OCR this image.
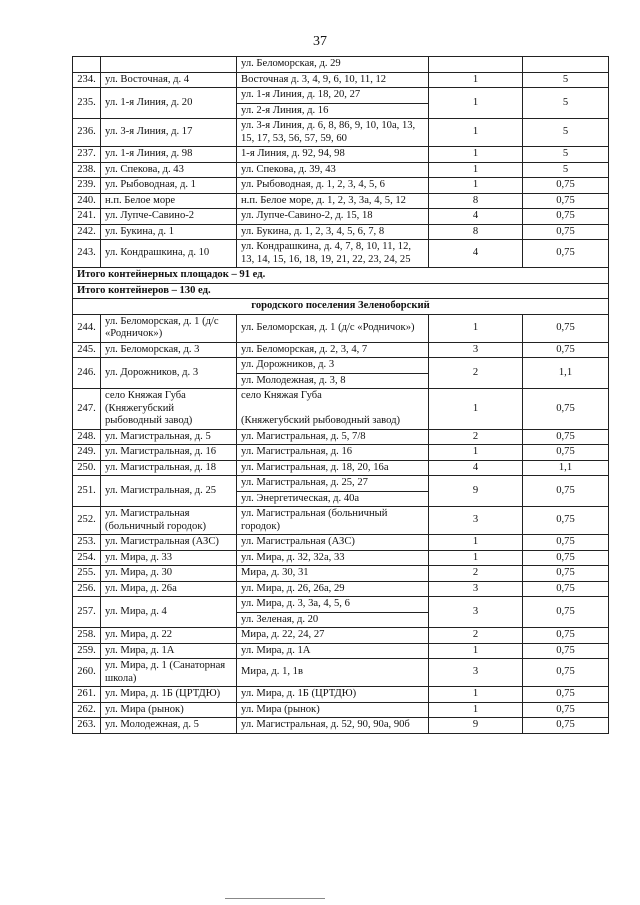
37
		ул. Беломорская, д. 29		
234.	ул. Восточная, д. 4	Восточная д. 3, 4, 9, 6, 10, 11, 12	1	5
235.	ул. 1-я Линия, д. 20	ул. 1-я Линия, д. 18, 20, 27	1	5
		ул. 2-я Линия, д. 16		
236.	ул. 3-я Линия, д. 17	ул. 3-я Линия, д. 6, 8, 86, 9, 10, 10а, 13, 15, 17, 53, 56, 57, 59, 60	1	5
237.	ул. 1-я Линия, д. 98	1-я Линия, д. 92, 94, 98	1	5
238.	ул. Спекова, д. 43	ул. Спекова, д. 39, 43	1	5
239.	ул. Рыбоводная, д. 1	ул. Рыбоводная, д. 1, 2, 3, 4, 5, 6	1	0,75
240.	н.п. Белое море	н.п. Белое море, д. 1, 2, 3, 3а, 4, 5, 12	8	0,75
241.	ул. Лупче-Савино-2	ул. Лупче-Савино-2, д. 15, 18	4	0,75
242.	ул. Букина, д. 1	ул. Букина, д. 1, 2, 3, 4, 5, 6, 7, 8	8	0,75
243.	ул. Кондрашкина, д. 10	ул. Кондрашкина, д. 4, 7, 8, 10, 11, 12, 13, 14, 15, 16, 18, 19, 21, 22, 23, 24, 25	4	0,75
Итого контейнерных площадок – 91 ед.				
Итого контейнеров – 130 ед.				
городского поселения Зеленоборский				
244.	ул. Беломорская, д. 1 (д/с «Родничок»)	ул. Беломорская, д. 1 (д/с «Родничок»)	1	0,75
245.	ул. Беломорская, д. 3	ул. Беломорская, д. 2, 3, 4, 7	3	0,75
246.	ул. Дорожников, д. 3	ул. Дорожников, д. 3	2	1,1
		ул. Молодежная, д. 3, 8		
247.	село Княжая Губа (Княжегубский рыбоводный завод)	село Княжая Губа

(Княжегубский рыбоводный завод)	1	0,75
248.	ул. Магистральная, д. 5	ул. Магистральная, д. 5, 7/8	2	0,75
249.	ул. Магистральная, д. 16	ул. Магистральная, д. 16	1	0,75
250.	ул. Магистральная, д. 18	ул. Магистральная, д. 18, 20, 16а	4	1,1
251.	ул. Магистральная, д. 25	ул. Магистральная, д. 25, 27	9	0,75
		ул. Энергетическая, д. 40а		
252.	ул. Магистральная (больничный городок)	ул. Магистральная (больничный городок)	3	0,75
253.	ул. Магистральная (АЗС)	ул. Магистральная (АЗС)	1	0,75
254.	ул. Мира, д. 33	ул. Мира, д. 32, 32а, 33	1	0,75
255.	ул. Мира, д. 30	Мира, д. 30, 31	2	0,75
256.	ул. Мира, д. 26а	ул. Мира, д. 26, 26а, 29	3	0,75
257.	ул. Мира, д. 4	ул. Мира, д. 3, 3а, 4, 5, 6	3	0,75
		ул. Зеленая, д. 20		
258.	ул. Мира, д. 22	Мира, д. 22, 24, 27	2	0,75
259.	ул. Мира, д. 1А	ул. Мира, д. 1А	1	0,75
260.	ул. Мира, д. 1 (Санаторная школа)	Мира, д. 1, 1в	3	0,75
261.	ул. Мира, д. 1Б (ЦРТДЮ)	ул. Мира, д. 1Б (ЦРТДЮ)	1	0,75
262.	ул. Мира (рынок)	ул. Мира (рынок)	1	0,75
263.	ул. Молодежная, д. 5	ул. Магистральная, д. 52, 90, 90а, 90б	9	0,75
